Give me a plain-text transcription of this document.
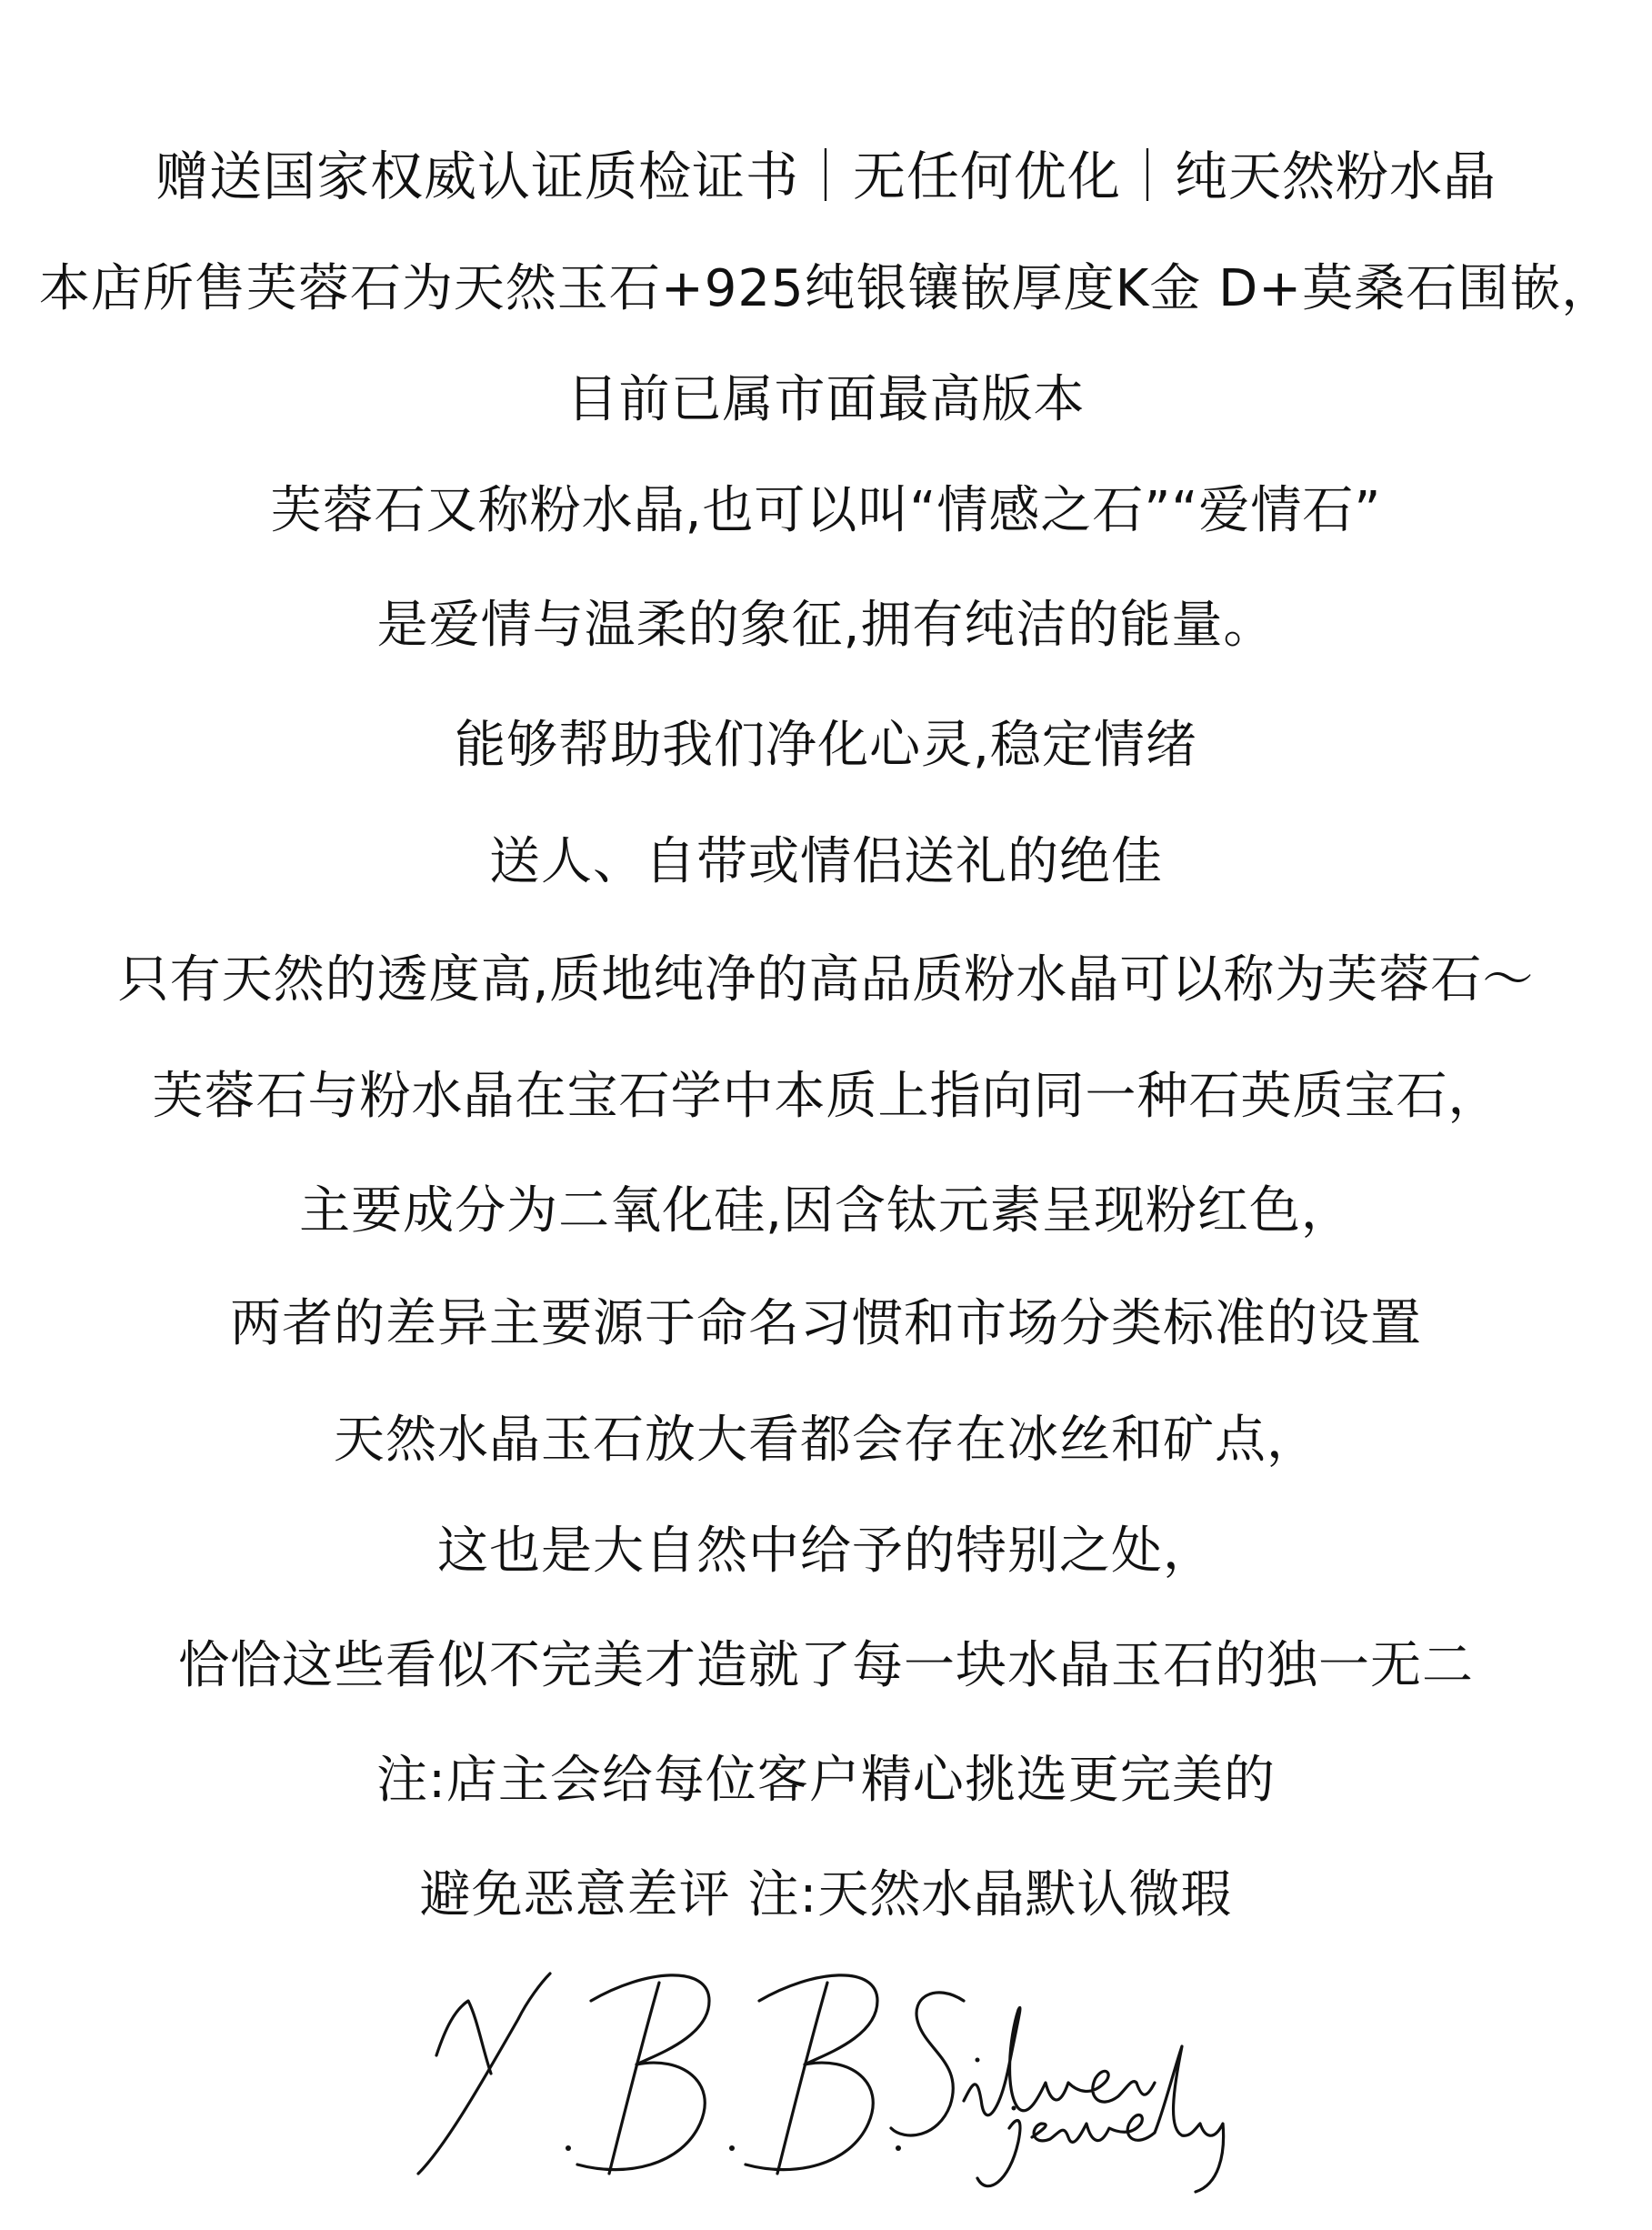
赠送国家权威认证质检证书｜无任何优化｜纯天然粉水晶
本店所售芙蓉石为天然玉石+925纯银镶嵌厚度K金 D+莫桑石围嵌，
目前已属市面最高版本
芙蓉石又称粉水晶,也可以叫“情感之石”“爱情石”
是爱情与温柔的象征,拥有纯洁的能量。
能够帮助我们净化心灵,稳定情绪
送人、自带或情侣送礼的绝佳
只有天然的透度高,质地纯净的高品质粉水晶可以称为芙蓉石～
芙蓉石与粉水晶在宝石学中本质上指向同一种石英质宝石，
主要成分为二氧化硅,因含钛元素呈现粉红色，
两者的差异主要源于命名习惯和市场分类标准的设置
天然水晶玉石放大看都会存在冰丝和矿点，
这也是大自然中给予的特别之处，
恰恰这些看似不完美才造就了每一块水晶玉石的独一无二
注:店主会给每位客户精心挑选更完美的
避免恶意差评 注:天然水晶默认微瑕
